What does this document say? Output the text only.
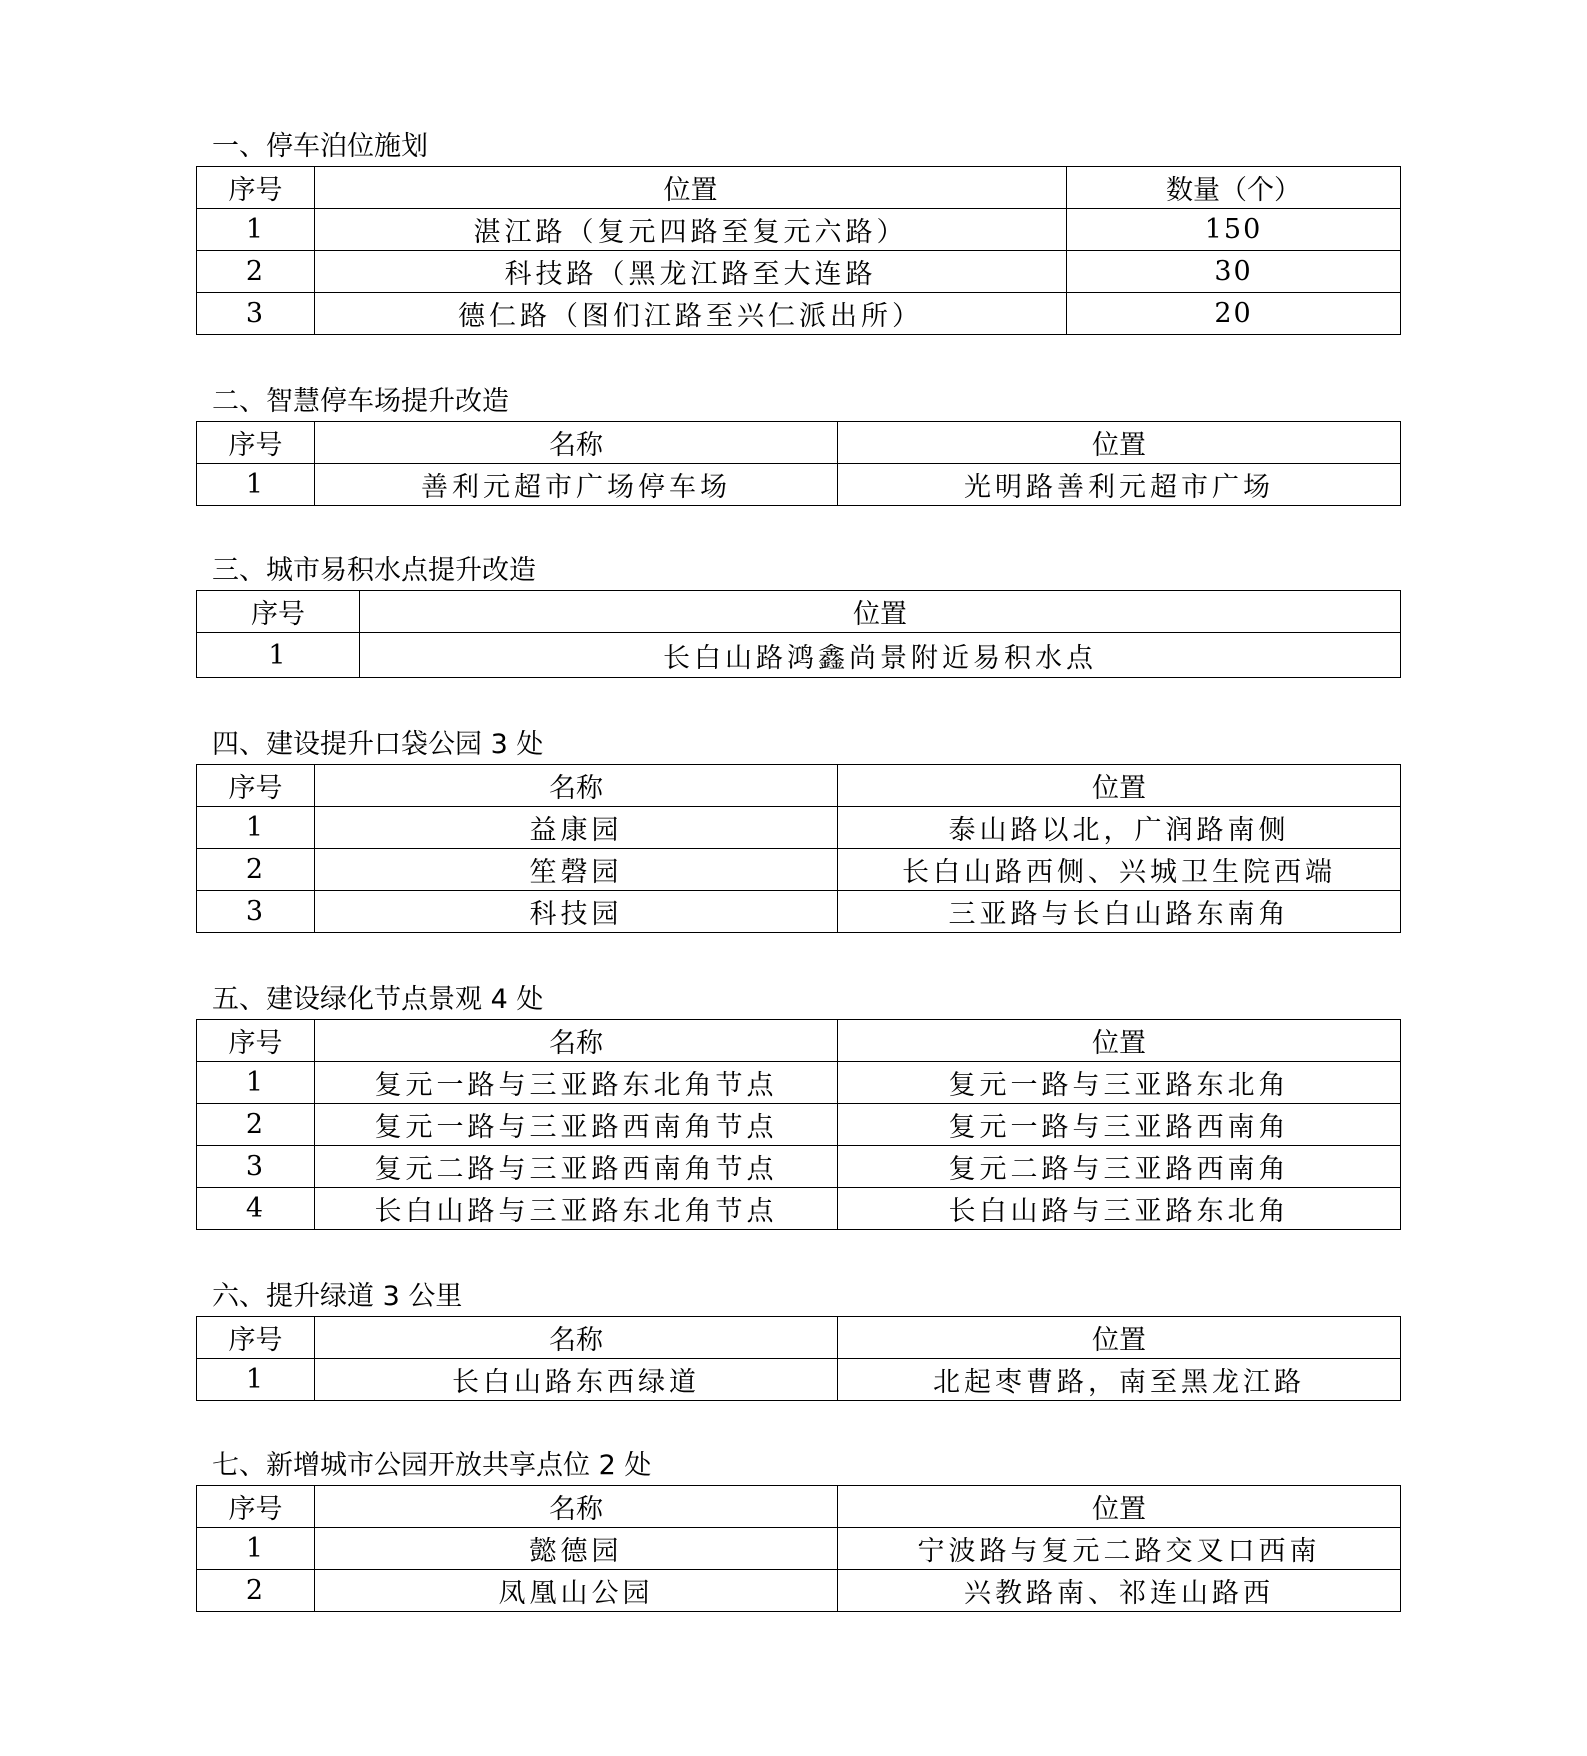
一、停车泊位施划
序号	位置	数量（个）
1	湛江路（复元四路至复元六路）	150
2	科技路（黑龙江路至大连路	30
3	德仁路（图们江路至兴仁派出所）	20
二、智慧停车场提升改造
序号	名称	位置
1	善利元超市广场停车场	光明路善利元超市广场
三、城市易积水点提升改造
序号	位置
1	长白山路鸿鑫尚景附近易积水点
四、建设提升口袋公园 3 处
序号	名称	位置
1	益康园	泰山路以北，广润路南侧
2	笙磬园	长白山路西侧、兴城卫生院西端
3	科技园	三亚路与长白山路东南角
五、建设绿化节点景观 4 处
序号	名称	位置
1	复元一路与三亚路东北角节点	复元一路与三亚路东北角
2	复元一路与三亚路西南角节点	复元一路与三亚路西南角
3	复元二路与三亚路西南角节点	复元二路与三亚路西南角
4	长白山路与三亚路东北角节点	长白山路与三亚路东北角
六、提升绿道 3 公里
序号	名称	位置
1	长白山路东西绿道	北起枣曹路，南至黑龙江路
七、新增城市公园开放共享点位 2 处
序号	名称	位置
1	懿德园	宁波路与复元二路交叉口西南
2	凤凰山公园	兴教路南、祁连山路西
